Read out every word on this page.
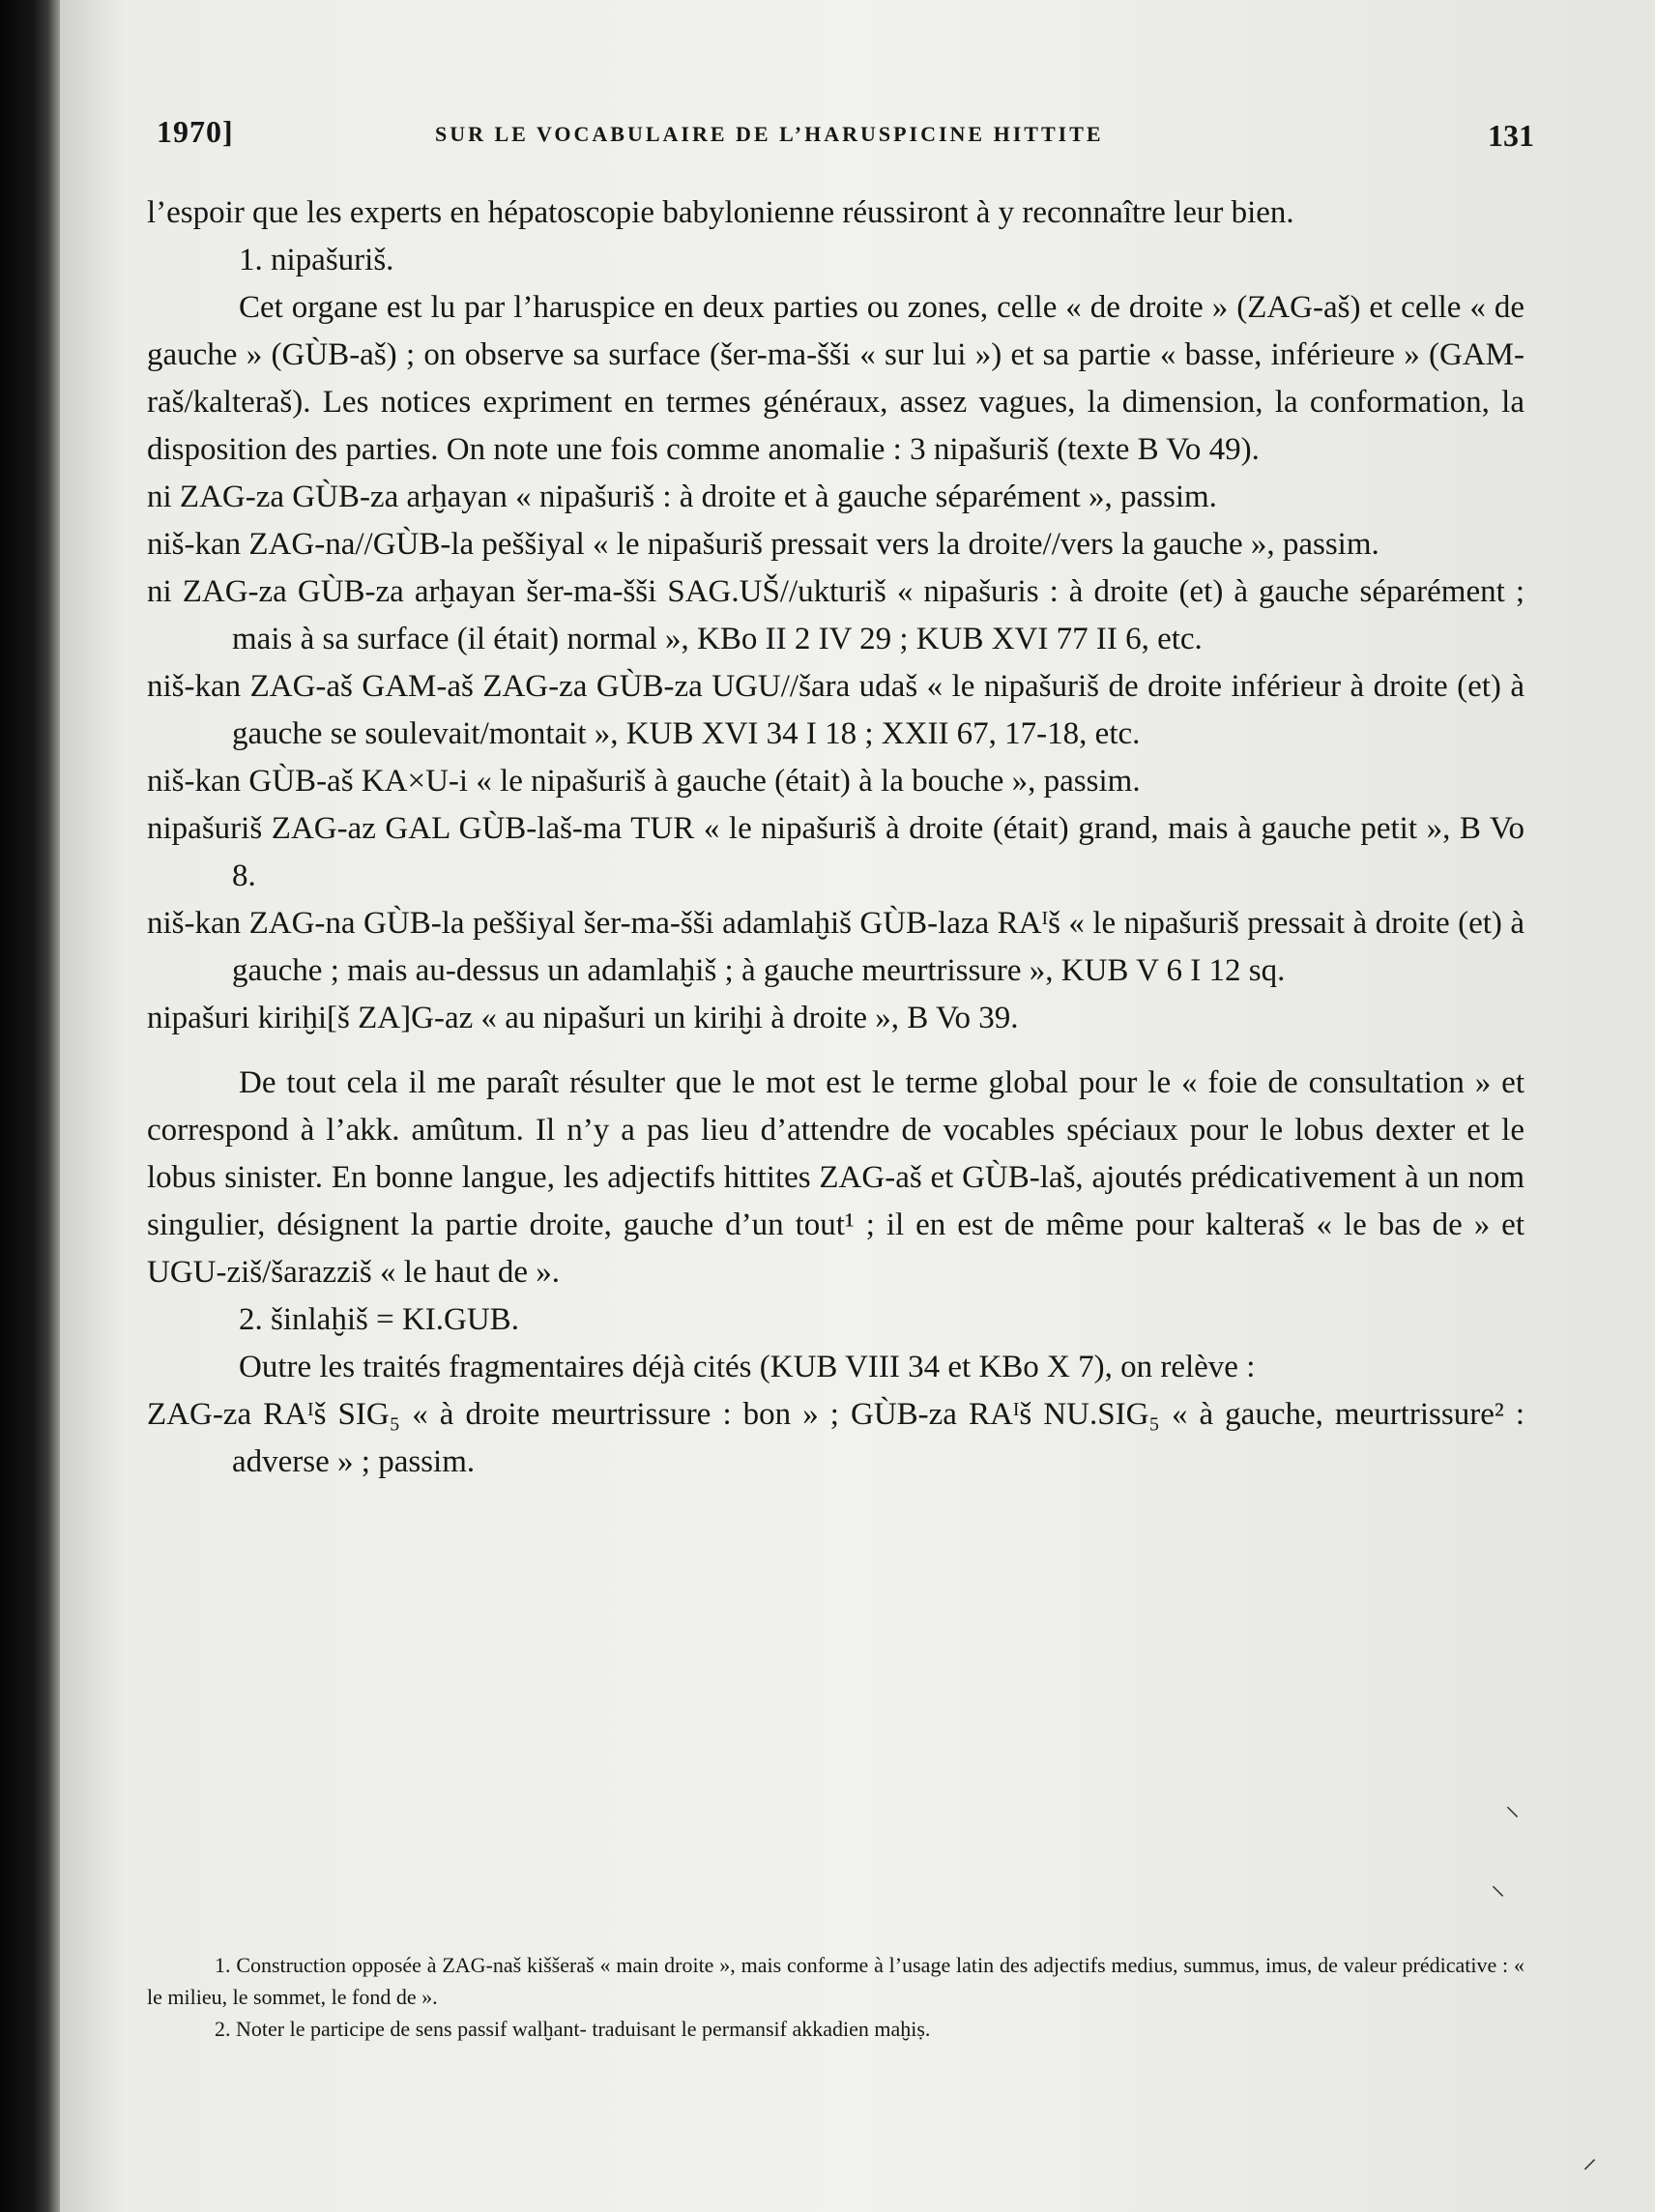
1970]	SUR LE VOCABULAIRE DE L’HARUSPICINE HITTITE	131

l’espoir que les experts en hépatoscopie babylonienne réussiront à y reconnaître leur bien.

1. nipašuriš.

Cet organe est lu par l’haruspice en deux parties ou zones, celle « de droite » (ZAG-aš) et celle « de gauche » (GÙB-aš) ; on observe sa surface (šer-ma-šši « sur lui ») et sa partie « basse, inférieure » (GAM-raš/kalteraš). Les notices expriment en termes généraux, assez vagues, la dimension, la conformation, la disposition des parties. On note une fois comme anomalie : 3 nipašuriš (texte B Vo 49).

ni ZAG-za GÙB-za arḫayan « nipašuriš : à droite et à gauche séparément », passim.

niš-kan ZAG-na//GÙB-la peššiyal « le nipašuriš pressait vers la droite//vers la gauche », passim.

ni ZAG-za GÙB-za arḫayan šer-ma-šši SAG.UŠ//ukturiš « nipašuris : à droite (et) à gauche séparément ; mais à sa surface (il était) normal », KBo II 2 IV 29 ; KUB XVI 77 II 6, etc.

niš-kan ZAG-aš GAM-aš ZAG-za GÙB-za UGU//šara udaš « le nipašuriš de droite inférieur à droite (et) à gauche se soulevait/montait », KUB XVI 34 I 18 ; XXII 67, 17-18, etc.

niš-kan GÙB-aš KA×U-i « le nipašuriš à gauche (était) à la bouche », passim.

nipašuriš ZAG-az GAL GÙB-laš-ma TUR « le nipašuriš à droite (était) grand, mais à gauche petit », B Vo 8.

niš-kan ZAG-na GÙB-la peššiyal šer-ma-šši adamlaḫiš GÙB-laza RAᴵš « le nipašuriš pressait à droite (et) à gauche ; mais au-dessus un adamlaḫiš ; à gauche meurtrissure », KUB V 6 I 12 sq.

nipašuri kiriḫi[š ZA]G-az « au nipašuri un kiriḫi à droite », B Vo 39.

De tout cela il me paraît résulter que le mot est le terme global pour le « foie de consultation » et correspond à l’akk. amûtum. Il n’y a pas lieu d’attendre de vocables spéciaux pour le lobus dexter et le lobus sinister. En bonne langue, les adjectifs hittites ZAG-aš et GÙB-laš, ajoutés prédicativement à un nom singulier, désignent la partie droite, gauche d’un tout¹ ; il en est de même pour kalteraš « le bas de » et UGU-ziš/šarazziš « le haut de ».

2. šinlaḫiš = KI.GUB.

Outre les traités fragmentaires déjà cités (KUB VIII 34 et KBo X 7), on relève :

ZAG-za RAᴵš SIG₅ « à droite meurtrissure : bon » ; GÙB-za RAᴵš NU.SIG₅ « à gauche, meurtrissure² : adverse » ; passim.

1. Construction opposée à ZAG-naš kiššeraš « main droite », mais conforme à l’usage latin des adjectifs medius, summus, imus, de valeur prédicative : « le milieu, le sommet, le fond de ».

2. Noter le participe de sens passif walḫant- traduisant le permansif akkadien maḫiṣ.

⸌
⸌
⸝
